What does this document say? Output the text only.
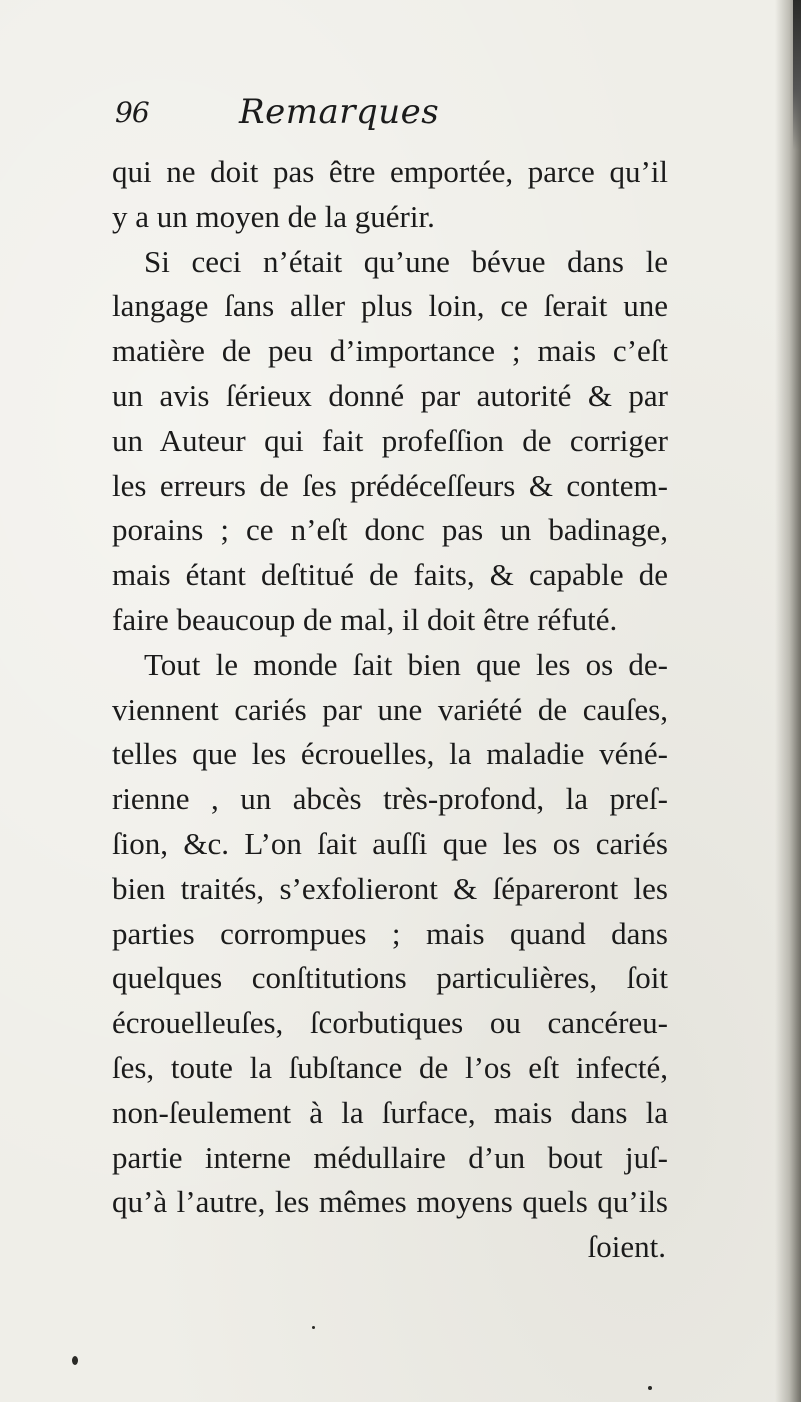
96	Remarques
qui ne doit pas être emportée, parce qu’il
y a un moyen de la guérir.
Si ceci n’était qu’une bévue dans le
langage ſans aller plus loin, ce ſerait une
matière de peu d’importance ; mais c’eſt
un avis ſérieux donné par autorité & par
un Auteur qui fait profeſſion de corriger
les erreurs de ſes prédéceſſeurs & contem-
porains ; ce n’eſt donc pas un badinage,
mais étant deſtitué de faits, & capable de
faire beaucoup de mal, il doit être réfuté.
Tout le monde ſait bien que les os de-
viennent cariés par une variété de cauſes,
telles que les écrouelles, la maladie véné-
rienne , un abcès très-profond, la preſ-
ſion, &c. L’on ſait auſſi que les os cariés
bien traités, s’exfolieront & ſépareront les
parties corrompues ; mais quand dans
quelques conſtitutions particulières, ſoit
écrouelleuſes, ſcorbutiques ou cancéreu-
ſes, toute la ſubſtance de l’os eſt infecté,
non-ſeulement à la ſurface, mais dans la
partie interne médullaire d’un bout juſ-
qu’à l’autre, les mêmes moyens quels qu’ils
ſoient.
